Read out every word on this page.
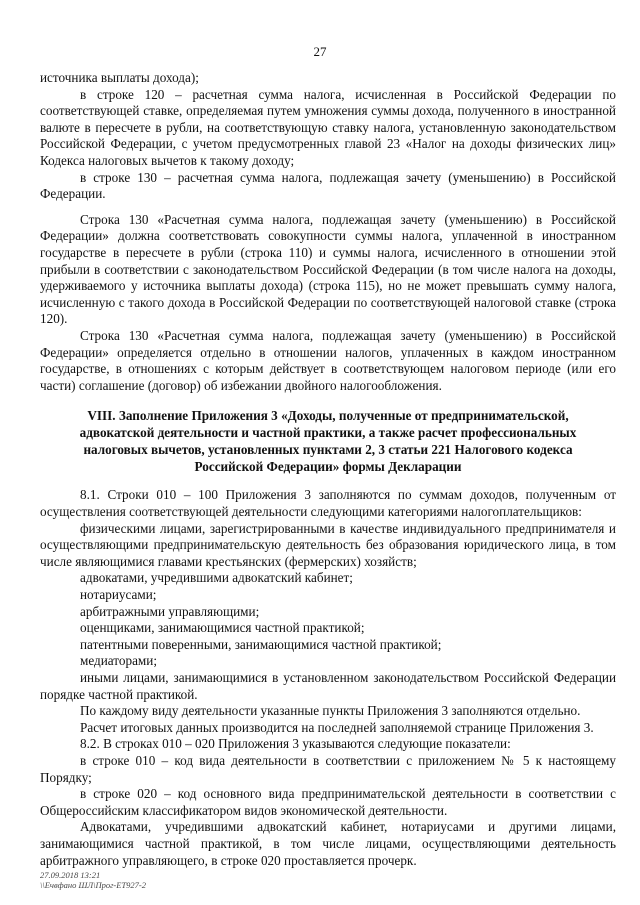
27

источника выплаты дохода);

в строке 120 – расчетная сумма налога, исчисленная в Российской Федерации по соответствующей ставке, определяемая путем умножения суммы дохода, полученного в иностранной валюте в пересчете в рубли, на соответствующую ставку налога, установленную законодательством Российской Федерации, с учетом предусмотренных главой 23 «Налог на доходы физических лиц» Кодекса налоговых вычетов к такому доходу;

в строке 130 – расчетная сумма налога, подлежащая зачету (уменьшению) в Российской Федерации.

Строка 130 «Расчетная сумма налога, подлежащая зачету (уменьшению) в Российской Федерации» должна соответствовать совокупности суммы налога, уплаченной в иностранном государстве в пересчете в рубли (строка 110) и суммы налога, исчисленного в отношении этой прибыли в соответствии с законодательством Российской Федерации (в том числе налога на доходы, удерживаемого у источника выплаты дохода) (строка 115), но не может превышать сумму налога, исчисленную с такого дохода в Российской Федерации по соответствующей налоговой ставке (строка 120).

Строка 130 «Расчетная сумма налога, подлежащая зачету (уменьшению) в Российской Федерации» определяется отдельно в отношении налогов, уплаченных в каждом иностранном государстве, в отношениях с которым действует в соответствующем налоговом периоде (или его части) соглашение (договор) об избежании двойного налогообложения.

VIII. Заполнение Приложения 3 «Доходы, полученные от предпринимательской, адвокатской деятельности и частной практики, а также расчет профессиональных налоговых вычетов, установленных пунктами 2, 3 статьи 221 Налогового кодекса Российской Федерации» формы Декларации

8.1. Строки 010 – 100 Приложения 3 заполняются по суммам доходов, полученным от осуществления соответствующей деятельности следующими категориями налогоплательщиков:

физическими лицами, зарегистрированными в качестве индивидуального предпринимателя и осуществляющими предпринимательскую деятельность без образования юридического лица, в том числе являющимися главами крестьянских (фермерских) хозяйств;

адвокатами, учредившими адвокатский кабинет;

нотариусами;

арбитражными управляющими;

оценщиками, занимающимися частной практикой;

патентными поверенными, занимающимися частной практикой;

медиаторами;

иными лицами, занимающимися в установленном законодательством Российской Федерации порядке частной практикой.

По каждому виду деятельности указанные пункты Приложения 3 заполняются отдельно.

Расчет итоговых данных производится на последней заполняемой странице Приложения 3.

8.2. В строках 010 – 020 Приложения 3 указываются следующие показатели:

в строке 010 – код вида деятельности в соответствии с приложением № 5 к настоящему Порядку;

в строке 020 – код основного вида предпринимательской деятельности в соответствии с Общероссийским классификатором видов экономической деятельности.

Адвокатами, учредившими адвокатский кабинет, нотариусами и другими лицами, занимающимися частной практикой, в том числе лицами, осуществляющими деятельность арбитражного управляющего, в строке 020 проставляется прочерк.

27.09.2018 13:21
\\Ечвфано ШЛ\Прог-ЕТ927-2
